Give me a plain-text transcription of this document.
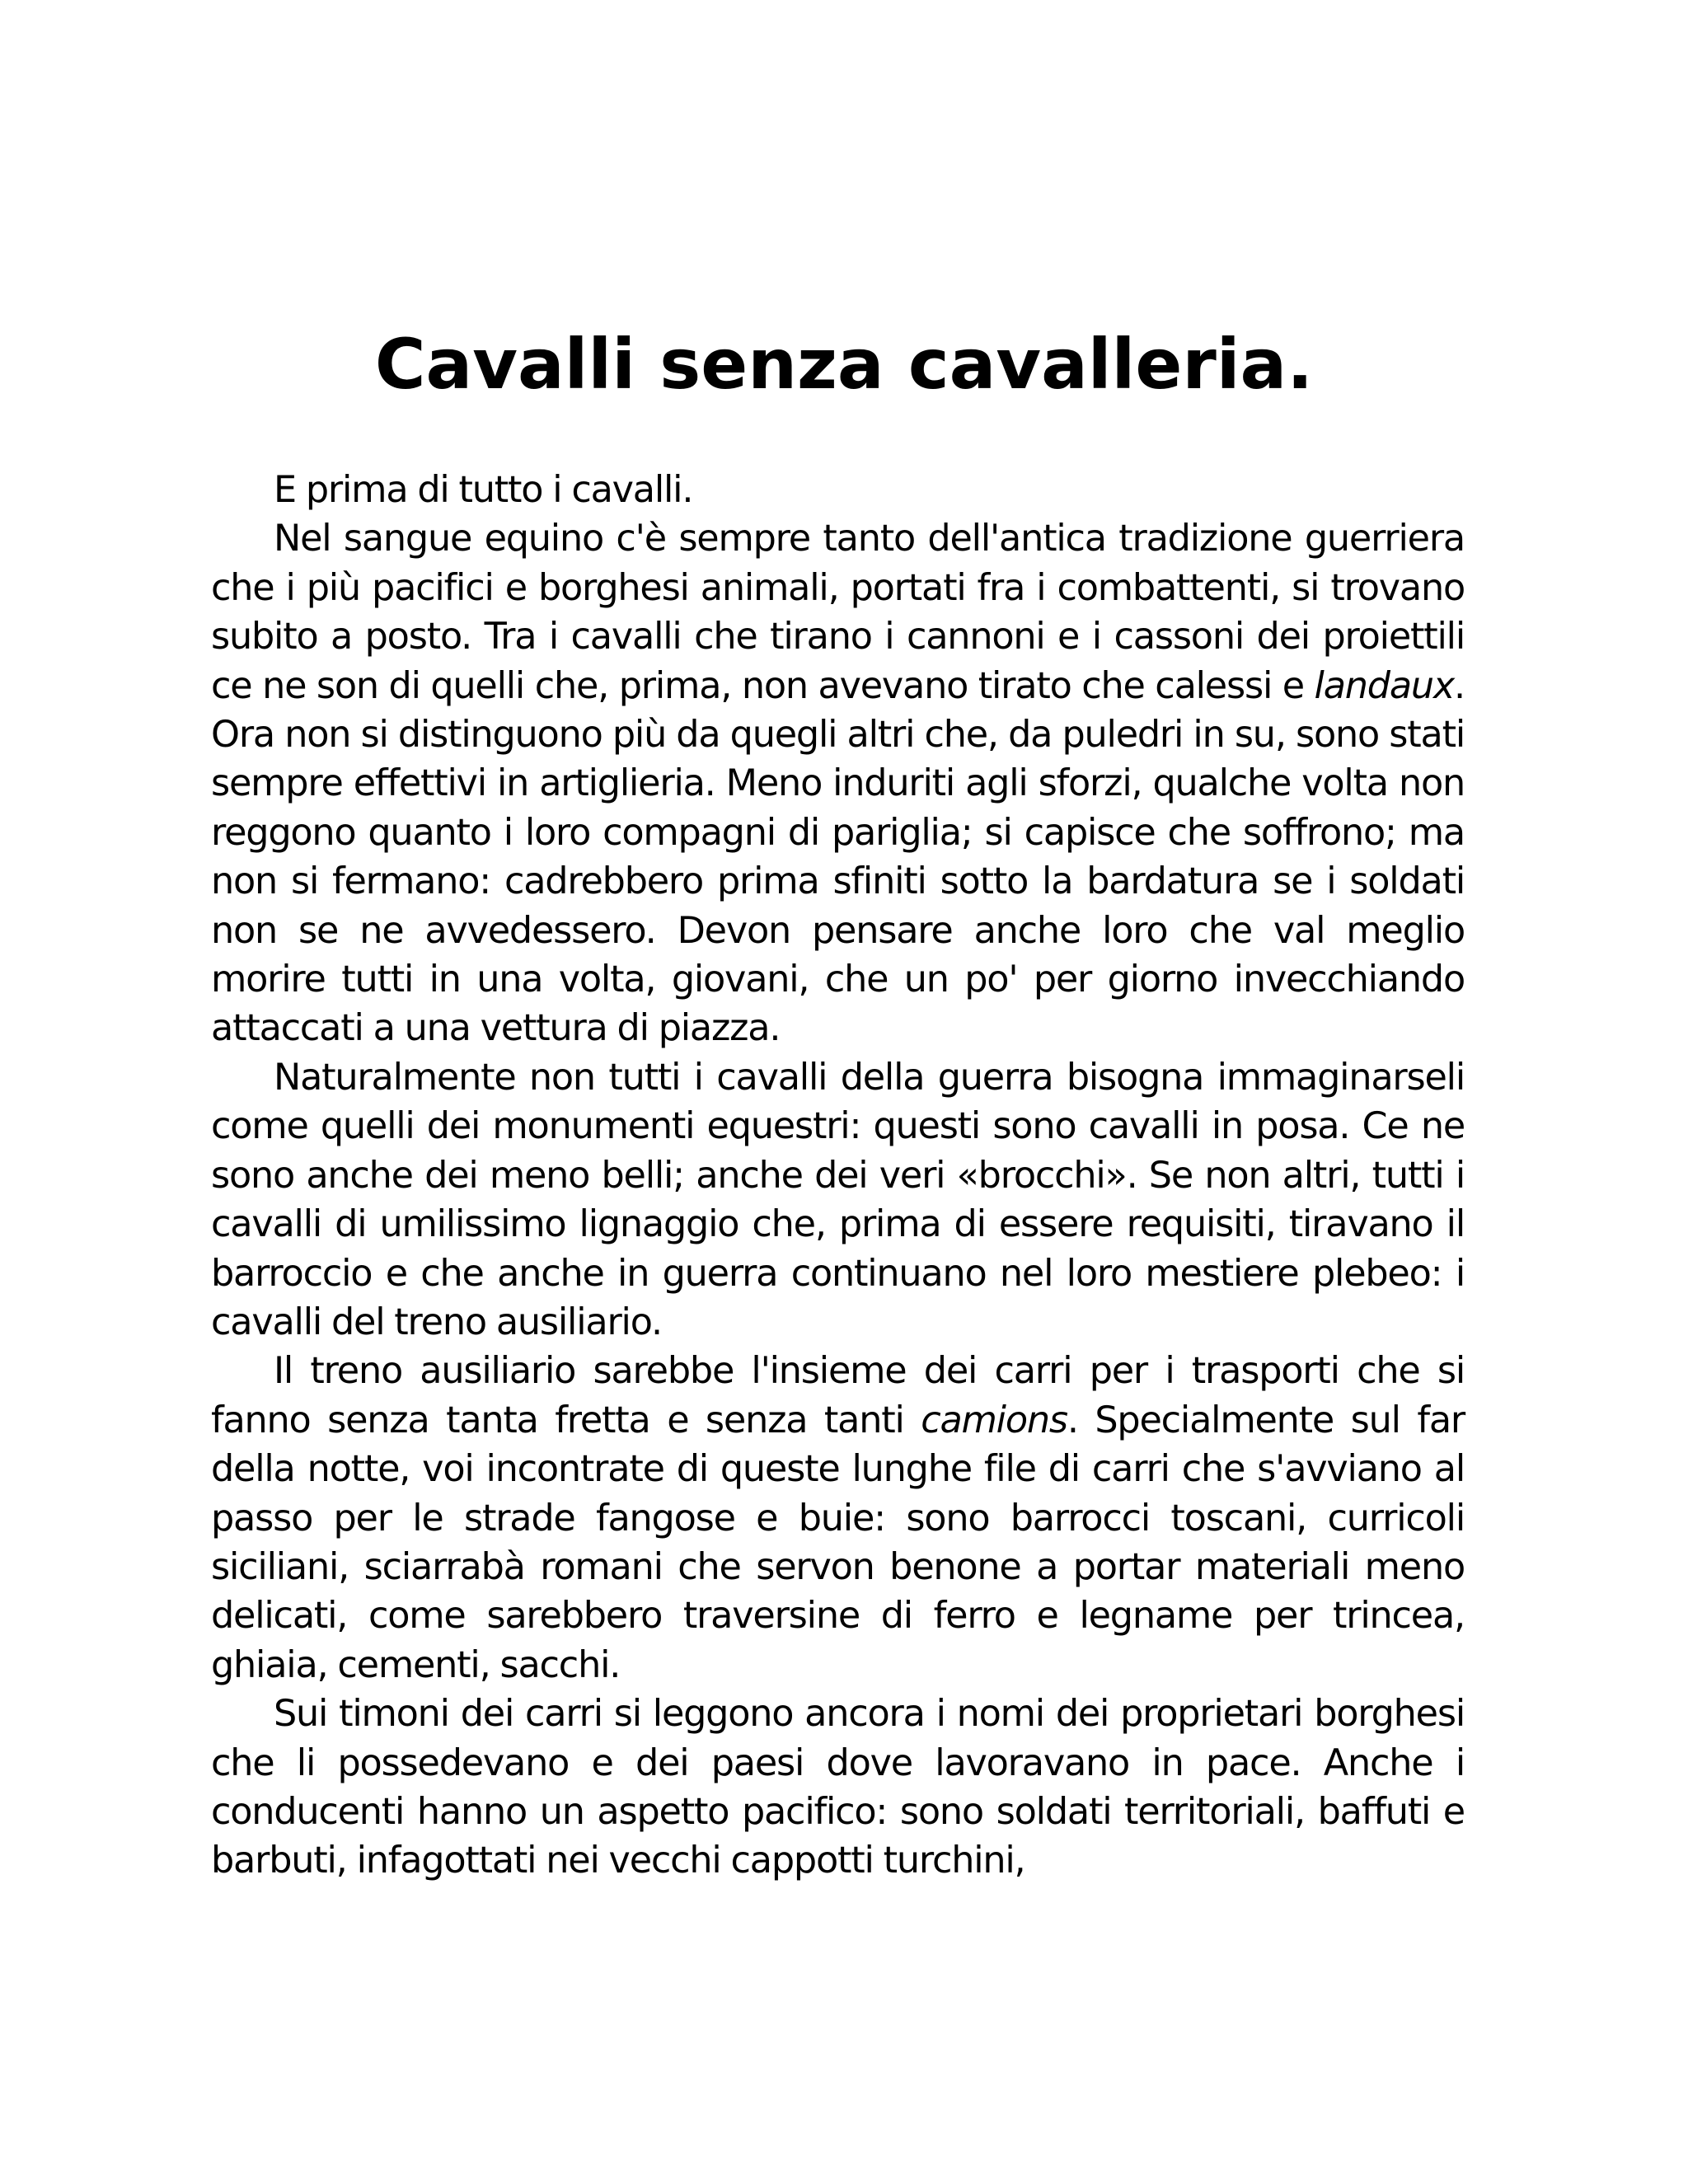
Cavalli senza cavalleria.

E prima di tutto i cavalli.

Nel sangue equino c'è sempre tanto dell'antica tradizione guerriera che i più pacifici e borghesi animali, portati fra i combattenti, si trovano subito a posto. Tra i cavalli che tirano i cannoni e i cassoni dei proiettili ce ne son di quelli che, prima, non avevano tirato che calessi e landaux. Ora non si distinguono più da quegli altri che, da puledri in su, sono stati sempre effettivi in artiglieria. Meno induriti agli sforzi, qualche volta non reggono quanto i loro compagni di pariglia; si capisce che soffrono; ma non si fermano: cadrebbero prima sfiniti sotto la bardatura se i soldati non se ne avvedessero. Devon pensare anche loro che val meglio morire tutti in una volta, giovani, che un po' per giorno invecchiando attaccati a una vettura di piazza.

Naturalmente non tutti i cavalli della guerra bisogna immaginarseli come quelli dei monumenti equestri: questi sono cavalli in posa. Ce ne sono anche dei meno belli; anche dei veri «brocchi». Se non altri, tutti i cavalli di umilissimo lignaggio che, prima di essere requisiti, tiravano il barroccio e che anche in guerra continuano nel loro mestiere plebeo: i cavalli del treno ausiliario.

Il treno ausiliario sarebbe l'insieme dei carri per i trasporti che si fanno senza tanta fretta e senza tanti camions. Specialmente sul far della notte, voi incontrate di queste lunghe file di carri che s'avviano al passo per le strade fangose e buie: sono barrocci toscani, curricoli siciliani, sciarrabà romani che servon benone a portar materiali meno delicati, come sarebbero traversine di ferro e legname per trincea, ghiaia, cementi, sacchi.

Sui timoni dei carri si leggono ancora i nomi dei proprietari borghesi che li possedevano e dei paesi dove lavoravano in pace. Anche i conducenti hanno un aspetto pacifico: sono soldati territoriali, baffuti e barbuti, infagottati nei vecchi cappotti turchini,
